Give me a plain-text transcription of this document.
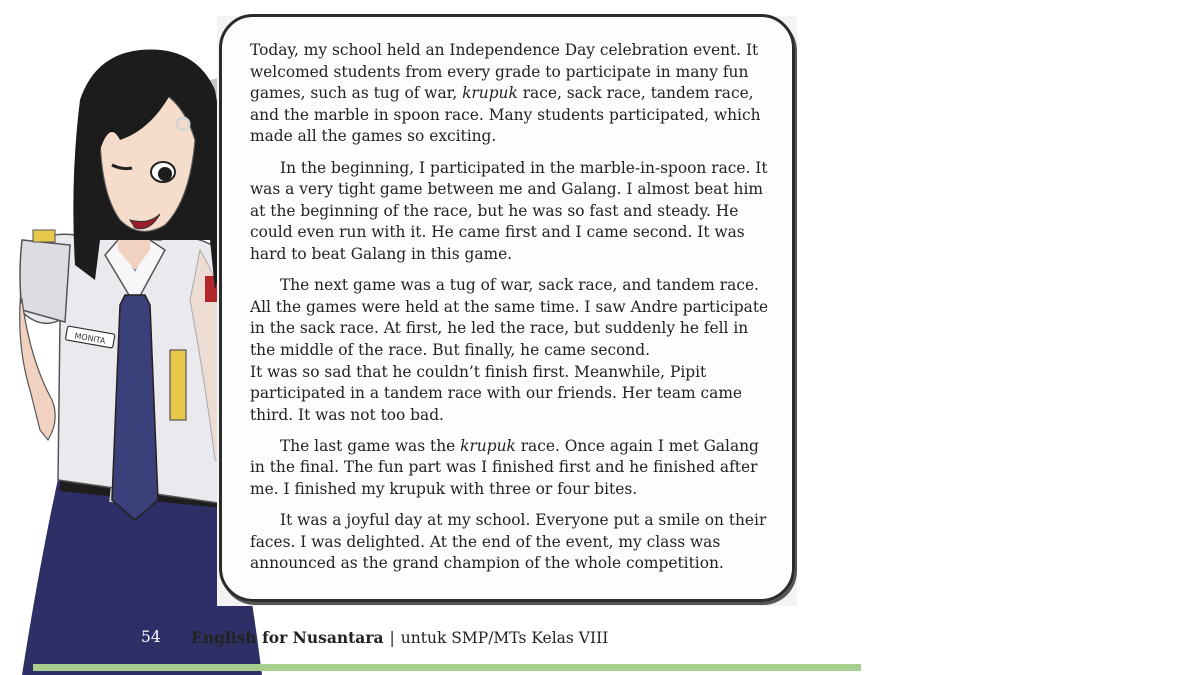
MONITA

Today, my school held an Independence Day celebration event. It welcomed students from every grade to participate in many fun games, such as tug of war, krupuk race, sack race, tandem race, and the marble in spoon race. Many students participated, which made all the games so exciting.

In the beginning, I participated in the marble-in-spoon race. It was a very tight game between me and Galang. I almost beat him at the beginning of the race, but he was so fast and steady. He could even run with it. He came first and I came second. It was hard to beat Galang in this game.

The next game was a tug of war, sack race, and tandem race. All the games were held at the same time. I saw Andre participate in the sack race. At first, he led the race, but suddenly he fell in the middle of the race. But finally, he came second.
It was so sad that he couldn’t finish first. Meanwhile, Pipit participated in a tandem race with our friends. Her team came third. It was not too bad.

The last game was the krupuk race. Once again I met Galang in the final. The fun part was I finished first and he finished after me. I finished my krupuk with three or four bites.

It was a joyful day at my school. Everyone put a smile on their faces. I was delighted. At the end of the event, my class was announced as the grand champion of the whole competition.

54 English for Nusantara | untuk SMP/MTs Kelas VIII
